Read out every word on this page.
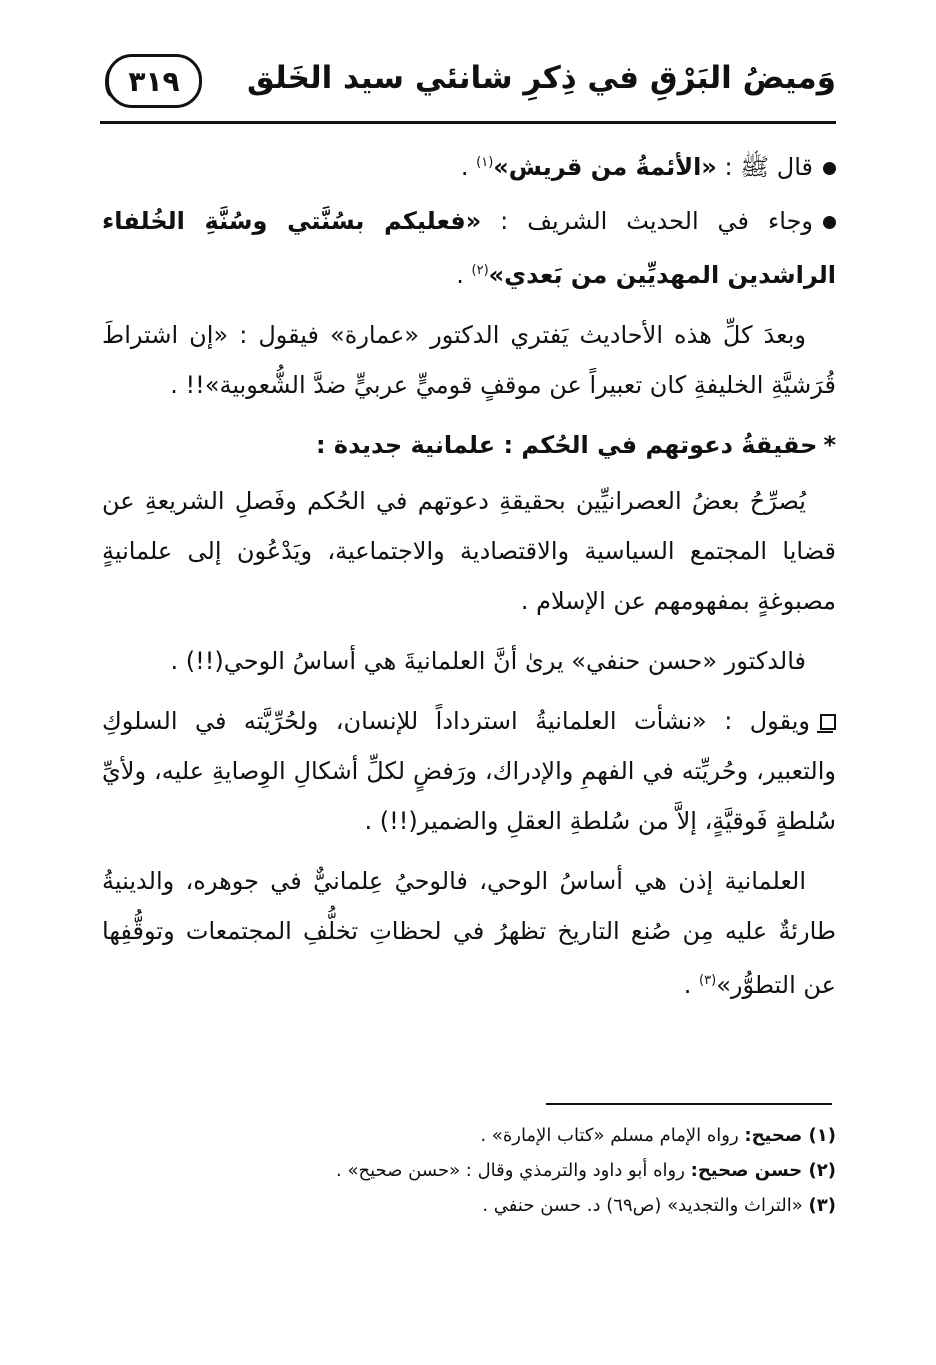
وَميضُ البَرْقِ في ذِكرِ شانئي سيد الخَلق
٣١٩

قال ﷺ : «الأئمةُ من قريش»$^{(١)}$ .

وجاء في الحديث الشريف : «فعليكم بسُنَّتي وسُنَّةِ الخُلفاء الراشدين المهديِّين من بَعدي»$^{(٢)}$ .

وبعدَ كلِّ هذه الأحاديث يَفتري الدكتور «عمارة» فيقول : «إن اشتراطَ قُرَشيَّةِ الخليفةِ كان تعبيراً عن موقفٍ قوميٍّ عربيٍّ ضدَّ الشُّعوبية»!! .

*حقيقةُ دعوتهم في الحُكم : علمانية جديدة :

يُصرِّحُ بعضُ العصرانيِّين بحقيقةِ دعوتهم في الحُكم وفَصلِ الشريعةِ عن قضايا المجتمع السياسية والاقتصادية والاجتماعية، ويَدْعُون إلى علمانيةٍ مصبوغةٍ بمفهومهم عن الإسلام .

فالدكتور «حسن حنفي» يرىٰ أنَّ العلمانيةَ هي أساسُ الوحي(!!) .

ويقول : «نشأت العلمانيةُ استرداداً للإنسان، ولحُرِّيَّته في السلوكِ والتعبير، وحُريِّته في الفهمِ والإدراك، ورَفضٍ لكلِّ أشكالِ الوِصايةِ عليه، ولأيِّ سُلطةٍ فَوقيَّةٍ، إلاَّ من سُلطةِ العقلِ والضمير(!!) .

العلمانية إذن هي أساسُ الوحي، فالوحيُ عِلمانيٌّ في جوهره، والدينيةُ طارئةٌ عليه مِن صُنع التاريخ تظهرُ في لحظاتِ تخلُّفِ المجتمعات وتوقُّفِها عن التطوُّر»$^{(٣)}$ .

(١) صحيح: رواه الإمام مسلم «كتاب الإمارة» .
(٢) حسن صحيح: رواه أبو داود والترمذي وقال : «حسن صحيح» .
(٣) «التراث والتجديد» (ص٦٩) د. حسن حنفي .
